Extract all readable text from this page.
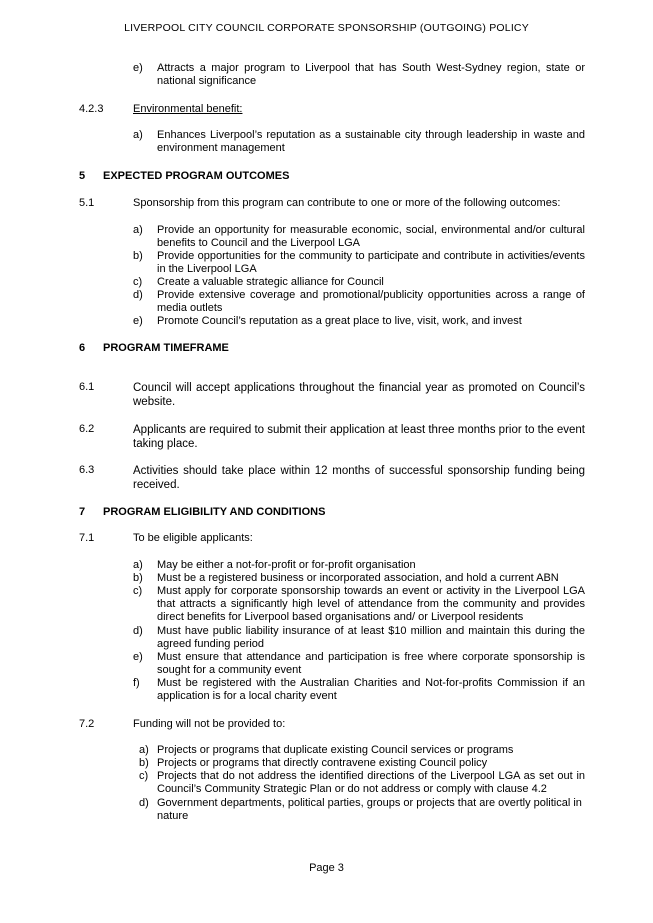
LIVERPOOL CITY COUNCIL CORPORATE SPONSORSHIP (OUTGOING) POLICY
e) Attracts a major program to Liverpool that has South West-Sydney region, state or national significance
4.2.3	Environmental benefit:
a) Enhances Liverpool’s reputation as a sustainable city through leadership in waste and environment management
5 EXPECTED PROGRAM OUTCOMES
5.1	Sponsorship from this program can contribute to one or more of the following outcomes:
a) Provide an opportunity for measurable economic, social, environmental and/or cultural benefits to Council and the Liverpool LGA
b) Provide opportunities for the community to participate and contribute in activities/events in the Liverpool LGA
c) Create a valuable strategic alliance for Council
d) Provide extensive coverage and promotional/publicity opportunities across a range of media outlets
e) Promote Council’s reputation as a great place to live, visit, work, and invest
6 PROGRAM TIMEFRAME
6.1	Council will accept applications throughout the financial year as promoted on Council’s website.
6.2	Applicants are required to submit their application at least three months prior to the event taking place.
6.3	Activities should take place within 12 months of successful sponsorship funding being received.
7 PROGRAM ELIGIBILITY AND CONDITIONS
7.1	To be eligible applicants:
a) May be either a not-for-profit or for-profit organisation
b) Must be a registered business or incorporated association, and hold a current ABN
c) Must apply for corporate sponsorship towards an event or activity in the Liverpool LGA that attracts a significantly high level of attendance from the community and provides direct benefits for Liverpool based organisations and/ or Liverpool residents
d) Must have public liability insurance of at least $10 million and maintain this during the agreed funding period
e) Must ensure that attendance and participation is free where corporate sponsorship is sought for a community event
f) Must be registered with the Australian Charities and Not-for-profits Commission if an application is for a local charity event
7.2	Funding will not be provided to:
a) Projects or programs that duplicate existing Council services or programs
b) Projects or programs that directly contravene existing Council policy
c) Projects that do not address the identified directions of the Liverpool LGA as set out in Council’s Community Strategic Plan or do not address or comply with clause 4.2
d) Government departments, political parties, groups or projects that are overtly political in nature
Page 3
